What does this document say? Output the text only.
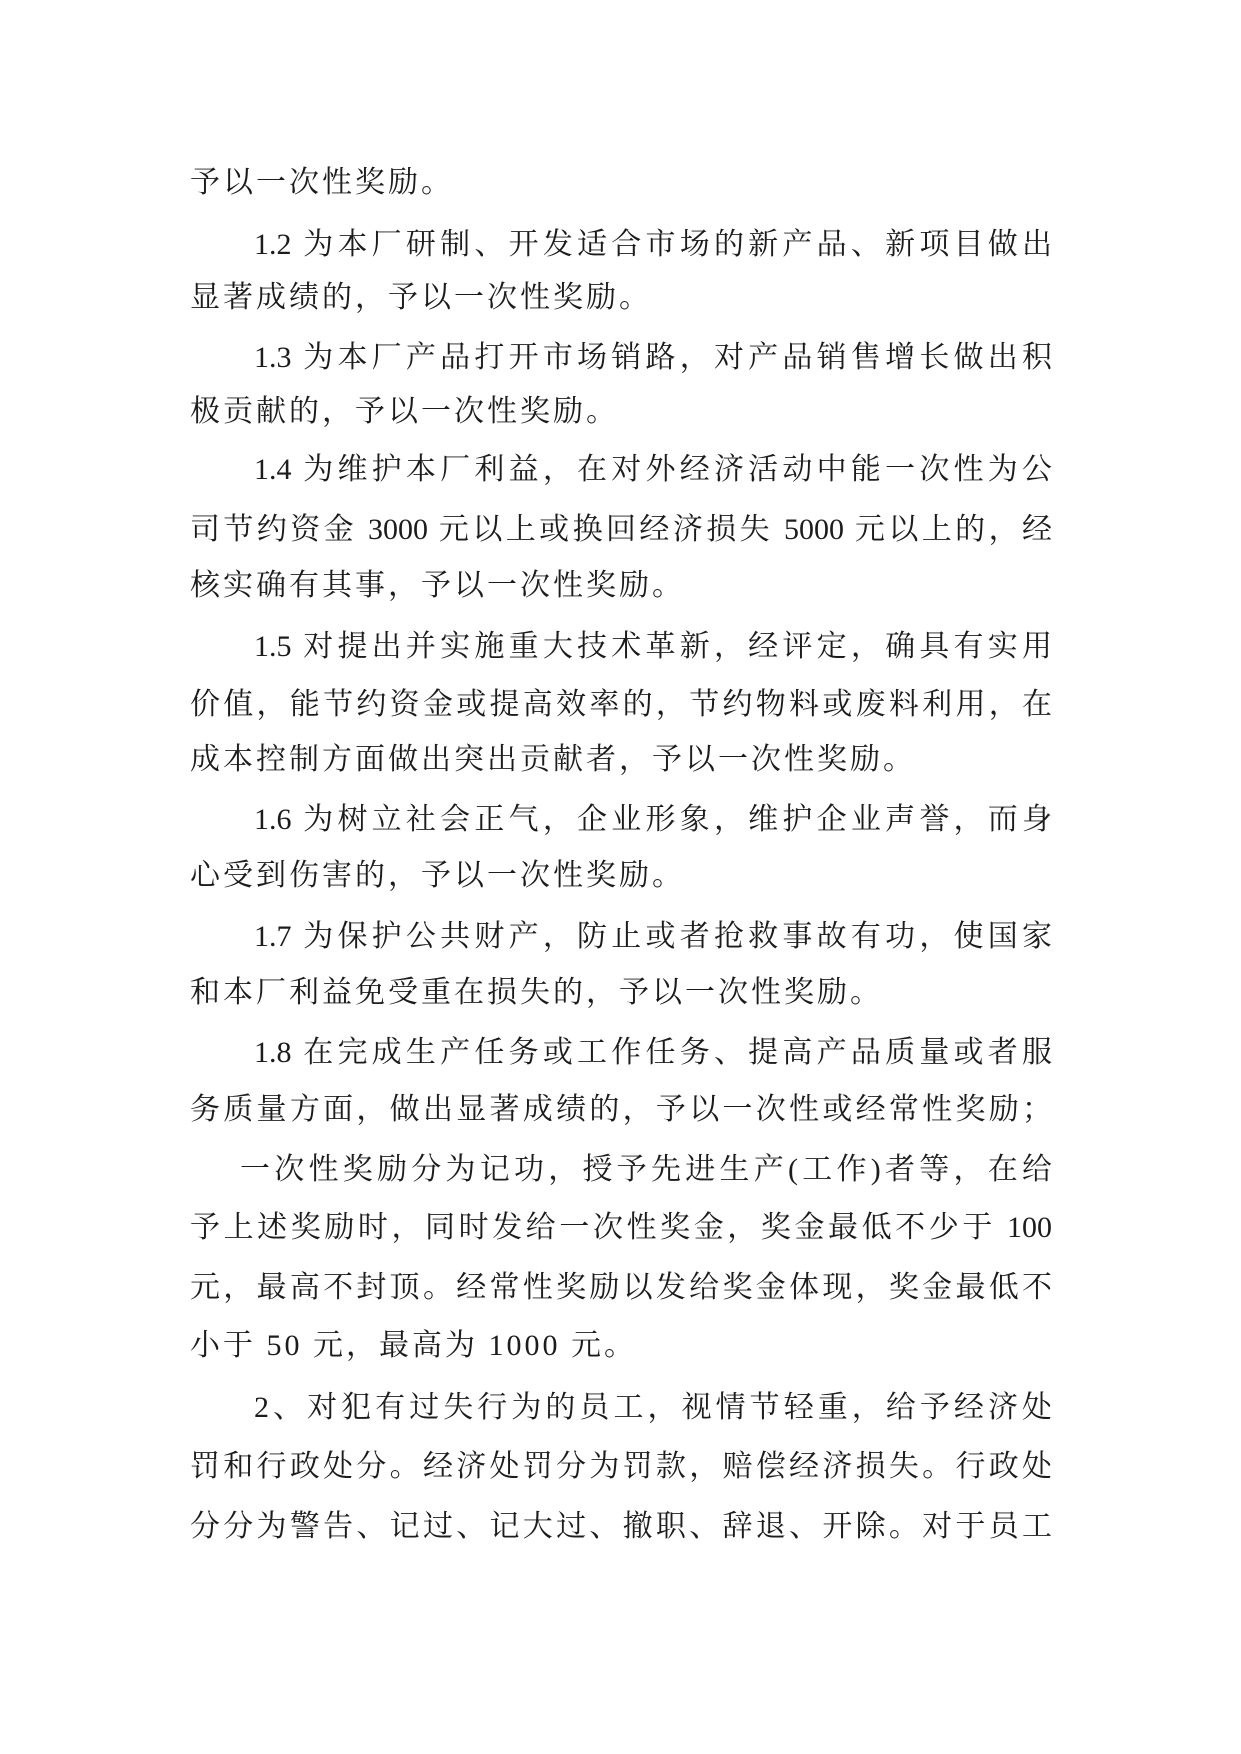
予以一次性奖励。
1.2 为本厂研制、开发适合市场的新产品、新项目做出
显著成绩的，予以一次性奖励。
1.3 为本厂产品打开市场销路，对产品销售增长做出积
极贡献的，予以一次性奖励。
1.4 为维护本厂利益，在对外经济活动中能一次性为公
司节约资金 3000 元以上或换回经济损失 5000 元以上的，经
核实确有其事，予以一次性奖励。
1.5 对提出并实施重大技术革新，经评定，确具有实用
价值，能节约资金或提高效率的，节约物料或废料利用，在
成本控制方面做出突出贡献者，予以一次性奖励。
1.6 为树立社会正气，企业形象，维护企业声誉，而身
心受到伤害的，予以一次性奖励。
1.7 为保护公共财产，防止或者抢救事故有功，使国家
和本厂利益免受重在损失的，予以一次性奖励。
1.8 在完成生产任务或工作任务、提高产品质量或者服
务质量方面，做出显著成绩的，予以一次性或经常性奖励；
一次性奖励分为记功，授予先进生产(工作)者等，在给
予上述奖励时，同时发给一次性奖金，奖金最低不少于 100
元，最高不封顶。经常性奖励以发给奖金体现，奖金最低不
小于 50 元，最高为 1000 元。
2、对犯有过失行为的员工，视情节轻重，给予经济处
罚和行政处分。经济处罚分为罚款，赔偿经济损失。行政处
分分为警告、记过、记大过、撤职、辞退、开除。对于员工
